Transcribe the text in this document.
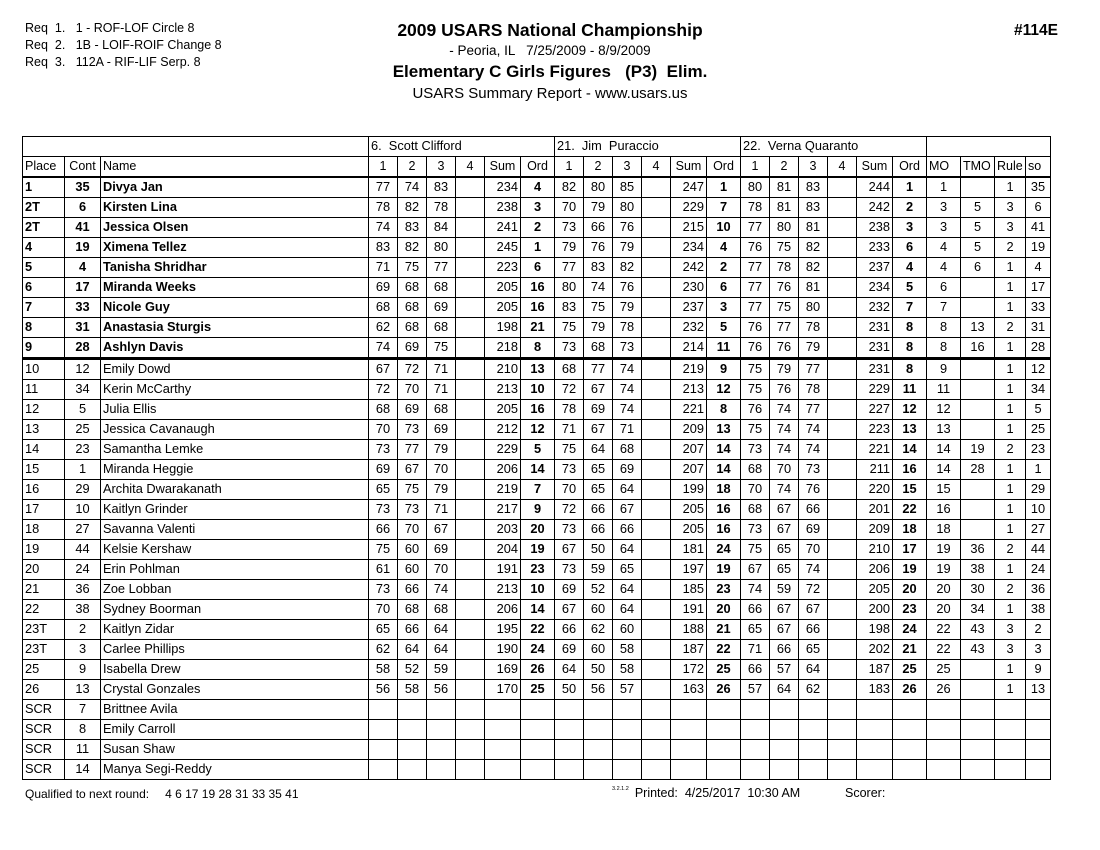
Req  1.   1 - ROF-LOF Circle 8
Req  2.   1B - LOIF-ROIF Change 8
Req  3.   112A - RIF-LIF Serp. 8
2009 USARS National Championship
- Peoria, IL   7/25/2009 - 8/9/2009
Elementary C Girls Figures   (P3)  Elim.
USARS Summary Report - www.usars.us
#114E
			6.  Scott Clifford						21.  Jim  Puraccio						22.  Verna Quaranto									
Place	Cont	Name	1	2	3	4	Sum	Ord	1	2	3	4	Sum	Ord	1	2	3	4	Sum	Ord	MO	TMO	Rule	so
1	35	Divya Jan	77	74	83		234	4	82	80	85		247	1	80	81	83		244	1	1		1	35
2T	6	Kirsten Lina	78	82	78		238	3	70	79	80		229	7	78	81	83		242	2	3	5	3	6
2T	41	Jessica Olsen	74	83	84		241	2	73	66	76		215	10	77	80	81		238	3	3	5	3	41
4	19	Ximena Tellez	83	82	80		245	1	79	76	79		234	4	76	75	82		233	6	4	5	2	19
5	4	Tanisha Shridhar	71	75	77		223	6	77	83	82		242	2	77	78	82		237	4	4	6	1	4
6	17	Miranda Weeks	69	68	68		205	16	80	74	76		230	6	77	76	81		234	5	6		1	17
7	33	Nicole Guy	68	68	69		205	16	83	75	79		237	3	77	75	80		232	7	7		1	33
8	31	Anastasia Sturgis	62	68	68		198	21	75	79	78		232	5	76	77	78		231	8	8	13	2	31
9	28	Ashlyn Davis	74	69	75		218	8	73	68	73		214	11	76	76	79		231	8	8	16	1	28
10	12	Emily Dowd	67	72	71		210	13	68	77	74		219	9	75	79	77		231	8	9		1	12
11	34	Kerin McCarthy	72	70	71		213	10	72	67	74		213	12	75	76	78		229	11	11		1	34
12	5	Julia Ellis	68	69	68		205	16	78	69	74		221	8	76	74	77		227	12	12		1	5
13	25	Jessica Cavanaugh	70	73	69		212	12	71	67	71		209	13	75	74	74		223	13	13		1	25
14	23	Samantha Lemke	73	77	79		229	5	75	64	68		207	14	73	74	74		221	14	14	19	2	23
15	1	Miranda Heggie	69	67	70		206	14	73	65	69		207	14	68	70	73		211	16	14	28	1	1
16	29	Archita Dwarakanath	65	75	79		219	7	70	65	64		199	18	70	74	76		220	15	15		1	29
17	10	Kaitlyn Grinder	73	73	71		217	9	72	66	67		205	16	68	67	66		201	22	16		1	10
18	27	Savanna Valenti	66	70	67		203	20	73	66	66		205	16	73	67	69		209	18	18		1	27
19	44	Kelsie Kershaw	75	60	69		204	19	67	50	64		181	24	75	65	70		210	17	19	36	2	44
20	24	Erin Pohlman	61	60	70		191	23	73	59	65		197	19	67	65	74		206	19	19	38	1	24
21	36	Zoe Lobban	73	66	74		213	10	69	52	64		185	23	74	59	72		205	20	20	30	2	36
22	38	Sydney Boorman	70	68	68		206	14	67	60	64		191	20	66	67	67		200	23	20	34	1	38
23T	2	Kaitlyn Zidar	65	66	64		195	22	66	62	60		188	21	65	67	66		198	24	22	43	3	2
23T	3	Carlee Phillips	62	64	64		190	24	69	60	58		187	22	71	66	65		202	21	22	43	3	3
25	9	Isabella Drew	58	52	59		169	26	64	50	58		172	25	66	57	64		187	25	25		1	9
26	13	Crystal Gonzales	56	58	56		170	25	50	56	57		163	26	57	64	62		183	26	26		1	13
SCR	7	Brittnee Avila																						
SCR	8	Emily Carroll																						
SCR	11	Susan Shaw																						
SCR	14	Manya Segi-Reddy																						
Qualified to next round: 4 6 17 19 28 31 33 35 41	$^{3.2.1.2}$ Printed:  4/25/2017  10:30 AM	Scorer:
